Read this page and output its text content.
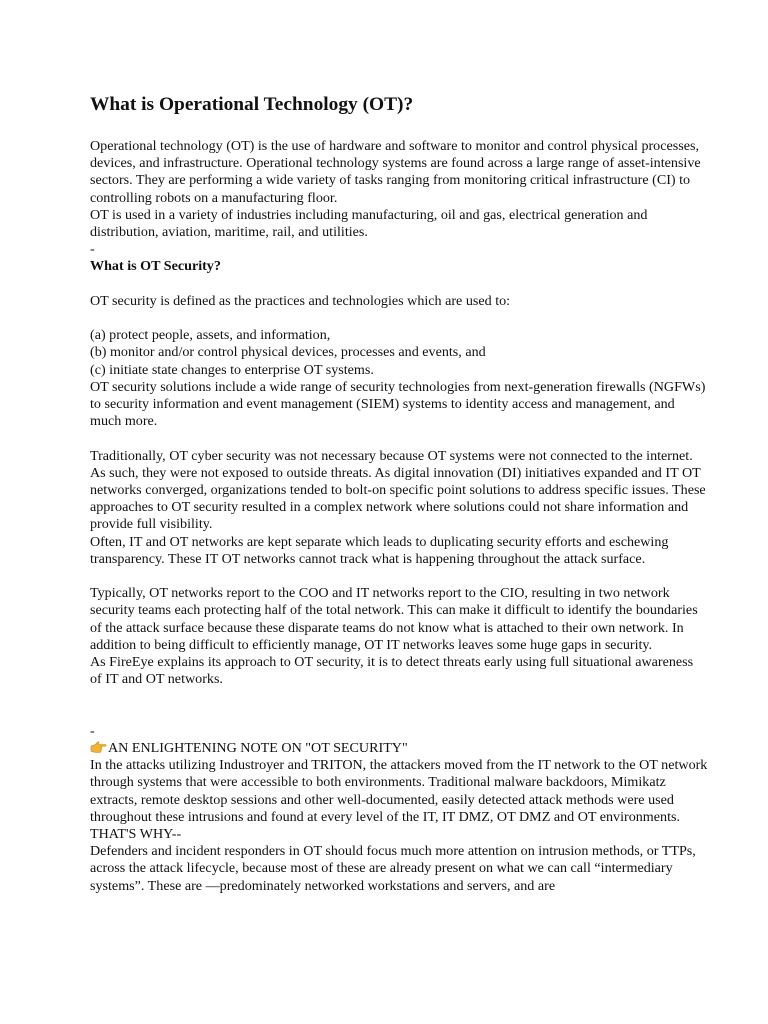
What is Operational Technology (OT)?

Operational technology (OT) is the use of hardware and software to monitor and control physical processes, devices, and infrastructure. Operational technology systems are found across a large range of asset-intensive sectors. They are performing a wide variety of tasks ranging from monitoring critical infrastructure (CI) to controlling robots on a manufacturing floor.

OT is used in a variety of industries including manufacturing, oil and gas, electrical generation and distribution, aviation, maritime, rail, and utilities.

-

What is OT Security?

OT security is defined as the practices and technologies which are used to:

(a) protect people, assets, and information,

(b) monitor and/or control physical devices, processes and events, and

(c) initiate state changes to enterprise OT systems.

OT security solutions include a wide range of security technologies from next-generation firewalls (NGFWs) to security information and event management (SIEM) systems to identity access and management, and much more.

Traditionally, OT cyber security was not necessary because OT systems were not connected to the internet. As such, they were not exposed to outside threats. As digital innovation (DI) initiatives expanded and IT OT networks converged, organizations tended to bolt-on specific point solutions to address specific issues. These approaches to OT security resulted in a complex network where solutions could not share information and provide full visibility.

Often, IT and OT networks are kept separate which leads to duplicating security efforts and eschewing transparency. These IT OT networks cannot track what is happening throughout the attack surface.

Typically, OT networks report to the COO and IT networks report to the CIO, resulting in two network security teams each protecting half of the total network. This can make it difficult to identify the boundaries of the attack surface because these disparate teams do not know what is attached to their own network. In addition to being difficult to efficiently manage, OT IT networks leaves some huge gaps in security.

As FireEye explains its approach to OT security, it is to detect threats early using full situational awareness of IT and OT networks.

-

AN ENLIGHTENING NOTE ON "OT SECURITY"

In the attacks utilizing Industroyer and TRITON, the attackers moved from the IT network to the OT network through systems that were accessible to both environments. Traditional malware backdoors, Mimikatz extracts, remote desktop sessions and other well-documented, easily detected attack methods were used throughout these intrusions and found at every level of the IT, IT DMZ, OT DMZ and OT environments.

THAT'S WHY--

Defenders and incident responders in OT should focus much more attention on intrusion methods, or TTPs, across the attack lifecycle, because most of these are already present on what we can call “intermediary systems”. These are —predominately networked workstations and servers, and are
